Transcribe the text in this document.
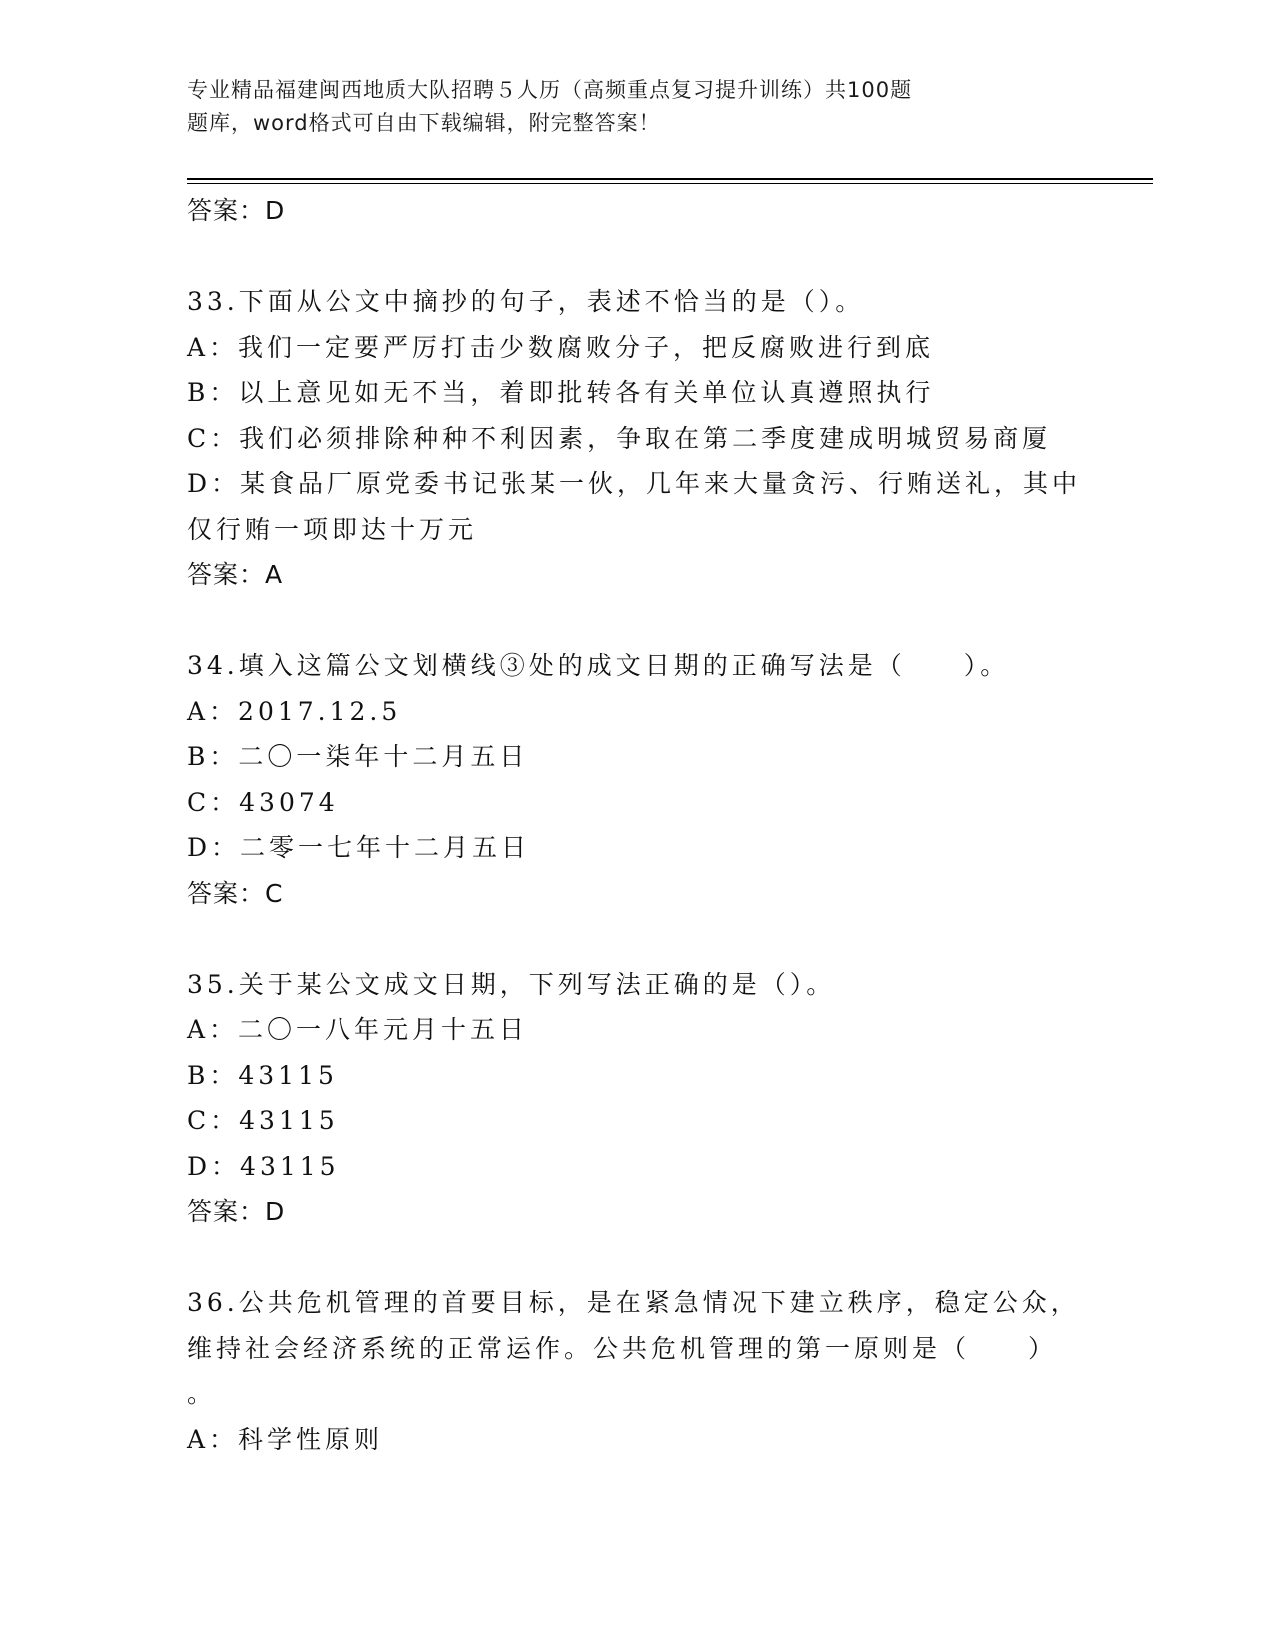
专业精品福建闽西地质大队招聘５人历（高频重点复习提升训练）共100题
题库，word格式可自由下载编辑，附完整答案！
答案：D
33.下面从公文中摘抄的句子，表述不恰当的是（）。
A：我们一定要严厉打击少数腐败分子，把反腐败进行到底
B：以上意见如无不当，着即批转各有关单位认真遵照执行
C：我们必须排除种种不利因素，争取在第二季度建成明城贸易商厦
D：某食品厂原党委书记张某一伙，几年来大量贪污、行贿送礼，其中
仅行贿一项即达十万元
答案：A
34.填入这篇公文划横线③处的成文日期的正确写法是（　　）。
A：2017.12.5
B：二〇一柒年十二月五日
C：43074
D：二零一七年十二月五日
答案：C
35.关于某公文成文日期，下列写法正确的是（）。
A：二〇一八年元月十五日
B：43115
C：43115
D：43115
答案：D
36.公共危机管理的首要目标，是在紧急情况下建立秩序，稳定公众，
维持社会经济系统的正常运作。公共危机管理的第一原则是（　　）
。
A：科学性原则
